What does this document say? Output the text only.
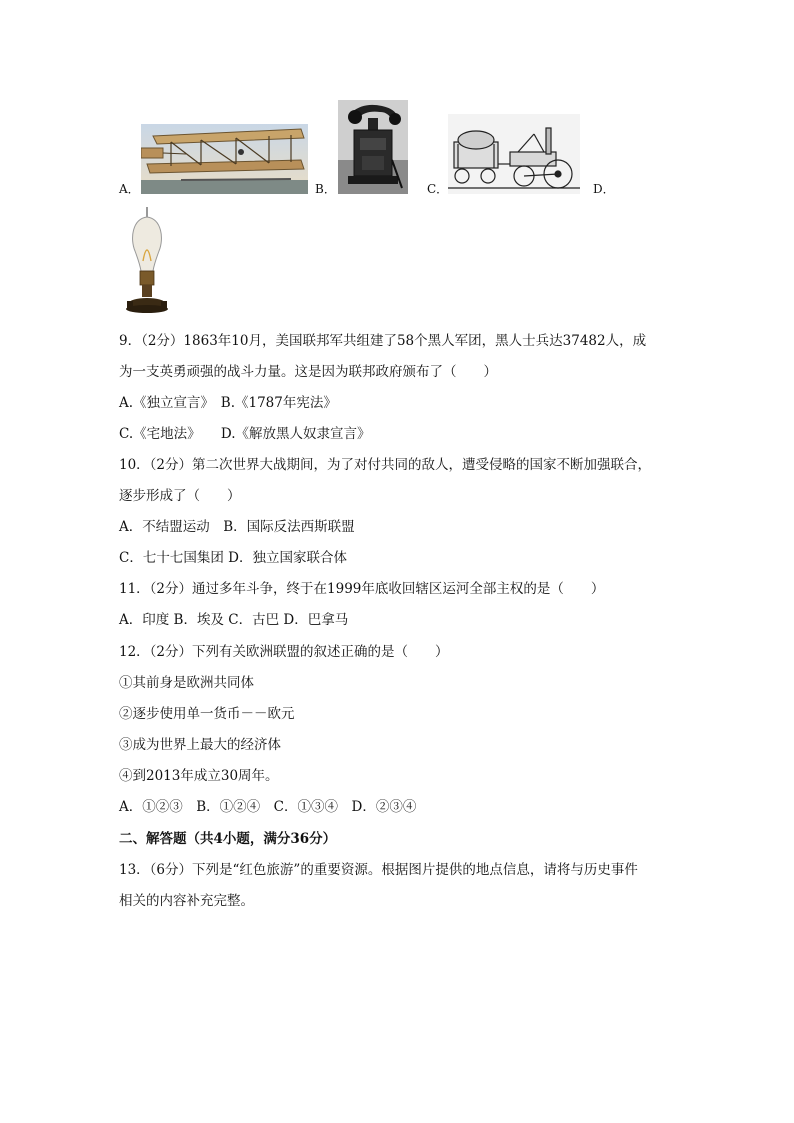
A．	B．	C．	D．
9．（2分）1863年10月，美国联邦军共组建了58个黑人军团，黑人士兵达37482人，成
为一支英勇顽强的战斗力量。这是因为联邦政府颁布了（　　）
A.《独立宣言》　B.《1787年宪法》
C.《宅地法》　　D.《解放黑人奴隶宣言》
10．（2分）第二次世界大战期间，为了对付共同的敌人，遭受侵略的国家不断加强联合，
逐步形成了（　　）
A．不结盟运动　B．国际反法西斯联盟
C．七十七国集团 D．独立国家联合体
11．（2分）通过多年斗争，终于在1999年底收回辖区运河全部主权的是（　　）
A．印度 B．埃及 C．古巴 D．巴拿马
12．（2分）下列有关欧洲联盟的叙述正确的是（　　）
①其前身是欧洲共同体
②逐步使用单一货币－－欧元
③成为世界上最大的经济体
④到2013年成立30周年。
A．①②③　B．①②④　C．①③④　D．②③④
二、解答题（共4小题，满分36分）
13．（6分）下列是“红色旅游”的重要资源。根据图片提供的地点信息，请将与历史事件
相关的内容补充完整。
